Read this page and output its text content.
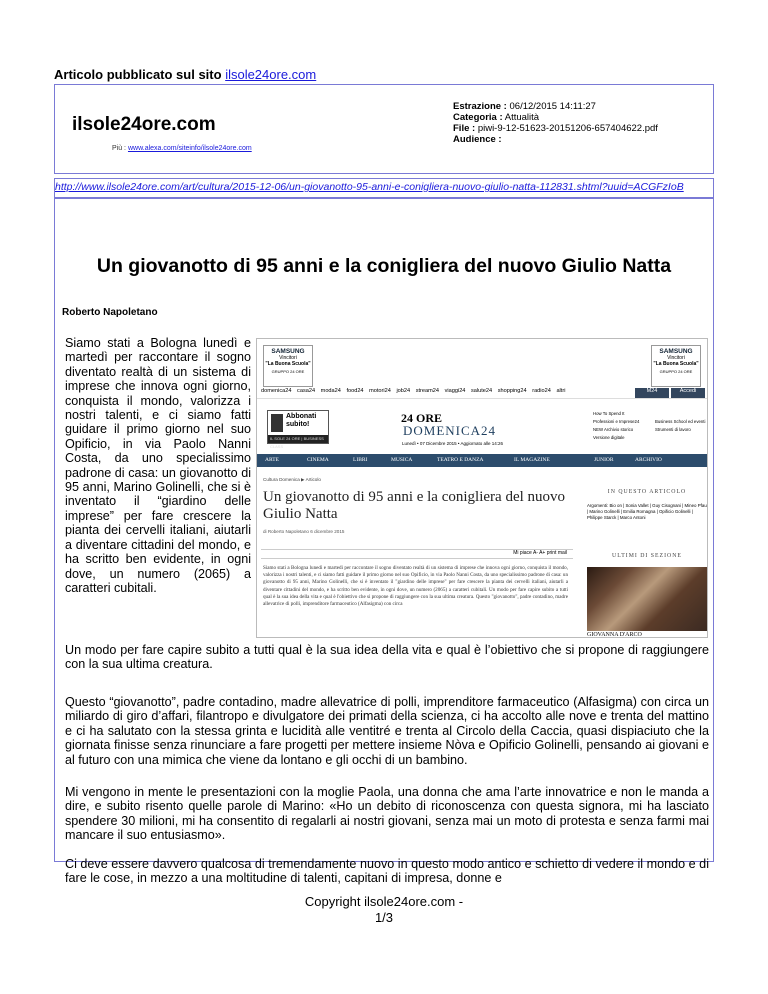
Articolo pubblicato sul sito ilsole24ore.com
ilsole24ore.com
Più : www.alexa.com/siteinfo/ilsole24ore.com
Estrazione : 06/12/2015 14:11:27
Categoria : Attualità
File : piwi-9-12-51623-20151206-657404622.pdf
Audience :
http://www.ilsole24ore.com/art/cultura/2015-12-06/un-giovanotto-95-anni-e-conigliera-nuovo-giulio-natta-112831.shtml?uuid=ACGFzIoB
Un giovanotto di 95 anni e la conigliera del nuovo Giulio Natta
Roberto Napoletano
Siamo stati a Bologna lunedì e martedì per raccontare il sogno diventato realtà di un sistema di imprese che innova ogni giorno, conquista il mondo, valorizza i nostri talenti, e ci siamo fatti guidare il primo giorno nel suo Opificio, in via Paolo Nanni Costa, da uno specialissimo padrone di casa: un giovanotto di 95 anni, Marino Golinelli, che si è inventato il “giardino delle imprese” per fare crescere la pianta dei cervelli italiani, aiutarli a diventare cittadini del mondo, e ha scritto ben evidente, in ogni dove, un numero (2065) a caratteri cubitali.
SAMSUNG
Vincitori
"La Buona Scuola"
GRUPPO 24 ORE
SAMSUNG
Vincitori
"La Buona Scuola"
GRUPPO 24 ORE
domenica24 casa24 moda24 food24 motori24 job24 stream24 viaggi24 salute24 shopping24 radio24 altri	M24	Accedi
Abbonati subito!
IL SOLE 24 ORE | BUSINESS CLASS
24 ORE
DOMENICA24
Lunedì • 07 Dicembre 2015 • Aggiornato alle 14:26
How To Spend It
Professioni e Imprese24
NEW Archivio storico
Versione digitale
Business School ed eventi
Strumenti di lavoro
ARTE	CINEMA	LIBRI	MUSICA	TEATRO E DANZA	IL MAGAZINE	JUNIOR	ARCHIVIO
Cultura Domenica ▶ Articolo
Un giovanotto di 95 anni e la conigliera del nuovo Giulio Natta
di Roberto Napoletano 6 dicembre 2015
Mi piace A- A+ print mail
Siamo stati a Bologna lunedì e martedì per raccontare il sogno diventato realtà di un sistema di imprese che innova ogni giorno, conquista il mondo, valorizza i nostri talenti, e ci siamo fatti guidare il primo giorno nel suo Opificio, in via Paolo Nanni Costa, da uno specialissimo padrone di casa: un giovanotto di 95 anni, Marino Golinelli, che si è inventato il "giardino delle imprese" per fare crescere la pianta dei cervelli italiani, aiutarli a diventare cittadini del mondo, e ha scritto ben evidente, in ogni dove, un numero (2065) a caratteri cubitali. Un modo per fare capire subito a tutti qual è la sua idea della vita e qual è l'obiettivo che si propone di raggiungere con la sua ultima creatura. Questo "giovanotto", padre contadino, madre allevatrice di polli, imprenditore farmaceutico (Alfasigma) con circa
IN QUESTO ARTICOLO
Argomenti: Bio on | Sonia Vallet | Guy Cisognani | Mineo Pfau | Marino Golinelli | Emilia Romagna | Opificio Golinelli | Philippe Starck | Marco Antoni
ULTIMI DI SEZIONE
GIOVANNA D'ARCO
Un modo per fare capire subito a tutti qual è la sua idea della vita e qual è l’obiettivo che si propone di raggiungere con la sua ultima creatura.
Questo “giovanotto”, padre contadino, madre allevatrice di polli, imprenditore farmaceutico (Alfasigma) con circa un miliardo di giro d’affari, filantropo e divulgatore dei primati della scienza, ci ha accolto alle nove e trenta del mattino e ci ha salutato con la stessa grinta e lucidità alle ventitré e trenta al Circolo della Caccia, quasi dispiaciuto che la giornata finisse senza rinunciare a fare progetti per mettere insieme Nòva e Opificio Golinelli, pensando ai giovani e al futuro con una mimica che viene da lontano e gli occhi di un bambino.
Mi vengono in mente le presentazioni con la moglie Paola, una donna che ama l’arte innovatrice e non le manda a dire, e subito risento quelle parole di Marino: «Ho un debito di riconoscenza con questa signora, mi ha lasciato spendere 30 milioni, mi ha consentito di regalarli ai nostri giovani, senza mai un moto di protesta e senza farmi mai mancare il suo entusiasmo».
Ci deve essere davvero qualcosa di tremendamente nuovo in questo modo antico e schietto di vedere il mondo e di fare le cose, in mezzo a una moltitudine di talenti, capitani di impresa, donne e
Copyright ilsole24ore.com -
1/3
